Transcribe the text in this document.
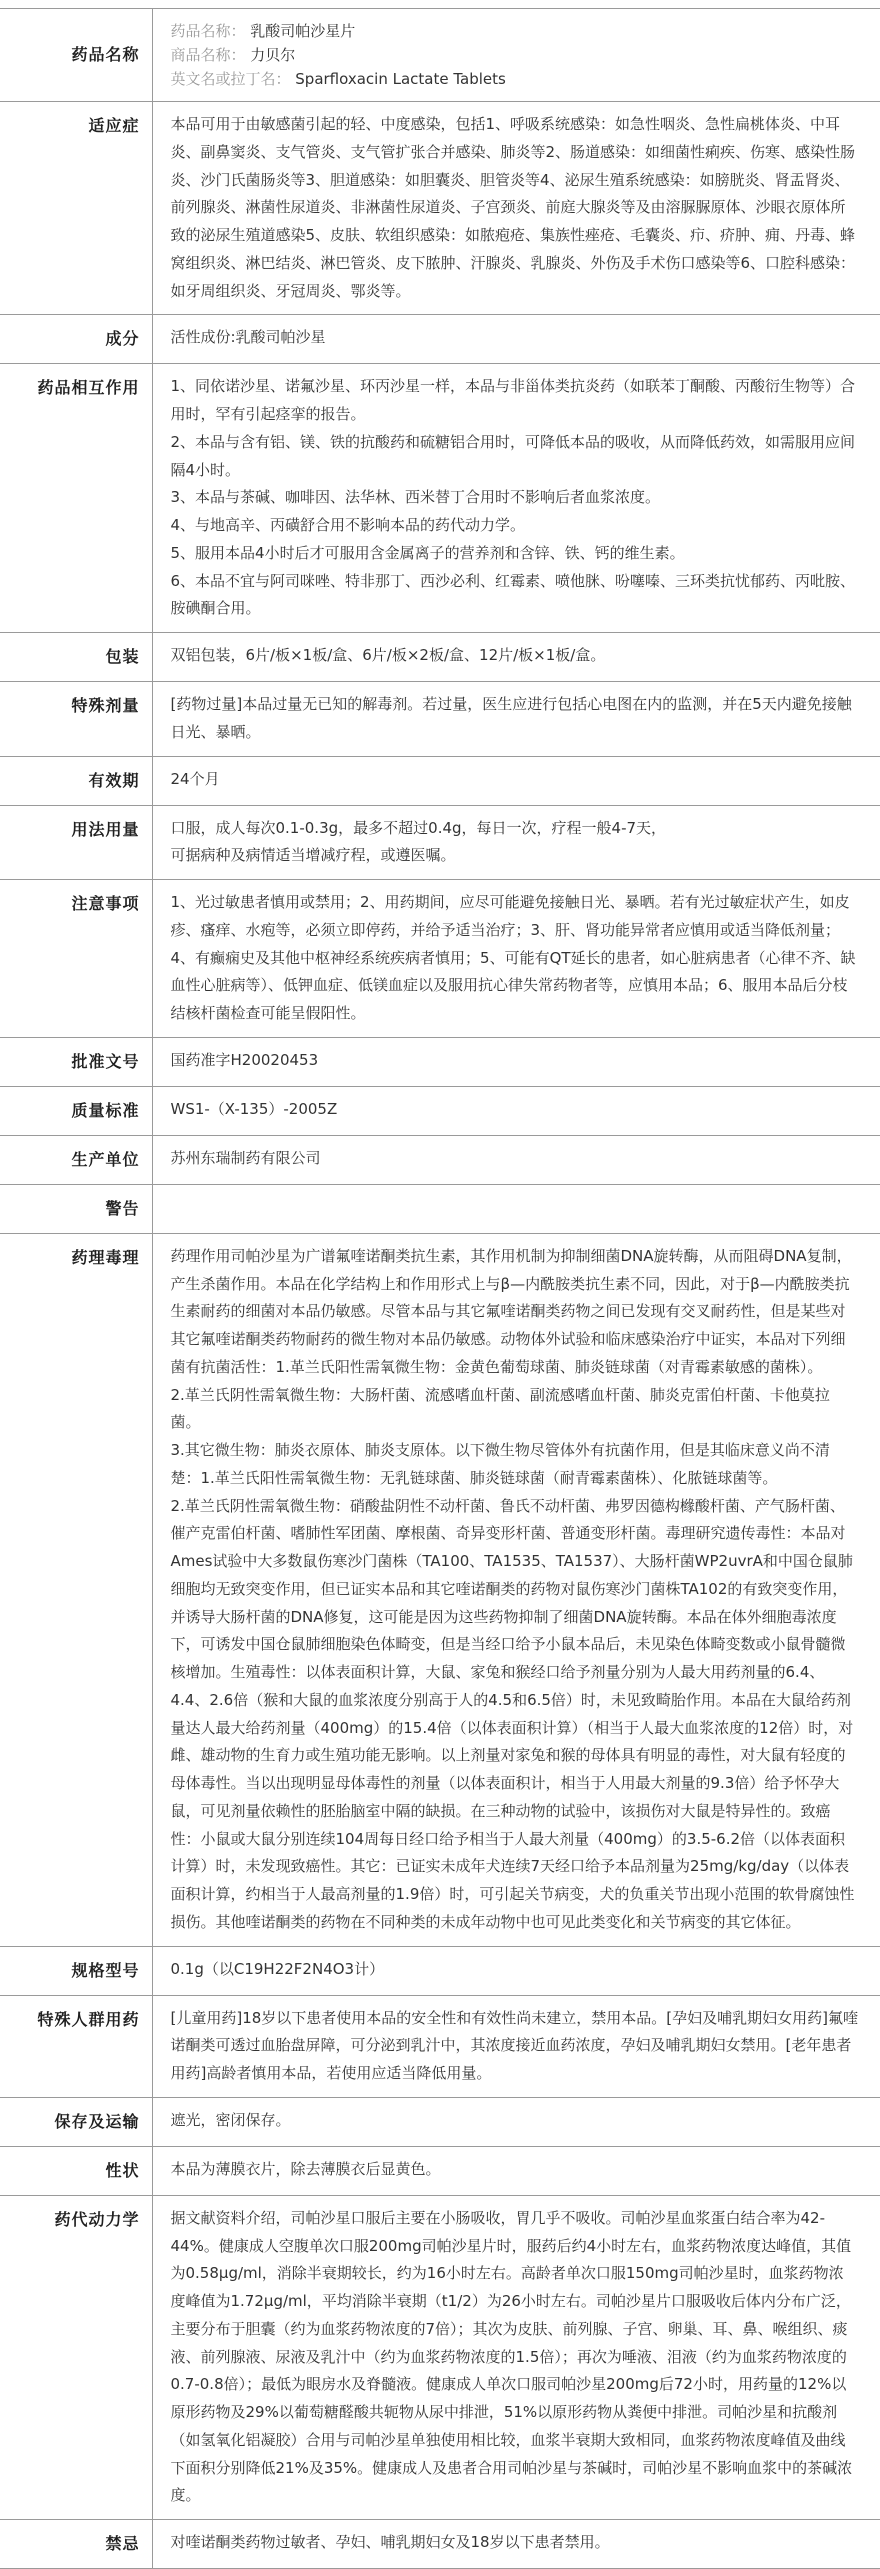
药品名称	药品名称： 乳酸司帕沙星片
商品名称： 力贝尔
英文名或拉丁名： Sparfloxacin Lactate Tablets

适应症	本品可用于由敏感菌引起的轻、中度感染，包括1、呼吸系统感染：如急性咽炎、急性扁桃体炎、中耳炎、副鼻窦炎、支气管炎、支气管扩张合并感染、肺炎等2、肠道感染：如细菌性痢疾、伤寒、感染性肠炎、沙门氏菌肠炎等3、胆道感染：如胆囊炎、胆管炎等4、泌尿生殖系统感染：如膀胱炎、肾盂肾炎、前列腺炎、淋菌性尿道炎、非淋菌性尿道炎、子宫颈炎、前庭大腺炎等及由溶脲脲原体、沙眼衣原体所致的泌尿生殖道感染5、皮肤、软组织感染：如脓疱疮、集族性痤疮、毛囊炎、疖、疥肿、痈、丹毒、蜂窝组织炎、淋巴结炎、淋巴管炎、皮下脓肿、汗腺炎、乳腺炎、外伤及手术伤口感染等6、口腔科感染：如牙周组织炎、牙冠周炎、鄂炎等。

成分	活性成份:乳酸司帕沙星

药品相互作用	1、同依诺沙星、诺氟沙星、环丙沙星一样，本品与非甾体类抗炎药（如联苯丁酮酸、丙酸衍生物等）合用时，罕有引起痉挛的报告。
2、本品与含有铝、镁、铁的抗酸药和硫糖铝合用时，可降低本品的吸收，从而降低药效，如需服用应间隔4小时。
3、本品与茶碱、咖啡因、法华林、西米替丁合用时不影响后者血浆浓度。
4、与地高辛、丙磺舒合用不影响本品的药代动力学。
5、服用本品4小时后才可服用含金属离子的营养剂和含锌、铁、钙的维生素。
6、本品不宜与阿司咪唑、特非那丁、西沙必利、红霉素、喷他脒、吩噻嗪、三环类抗忧郁药、丙吡胺、胺碘酮合用。

包装	双铝包装，6片/板×1板/盒、6片/板×2板/盒、12片/板×1板/盒。

特殊剂量	[药物过量]本品过量无已知的解毒剂。若过量，医生应进行包括心电图在内的监测，并在5天内避免接触日光、暴晒。

有效期	24个月

用法用量	口服，成人每次0.1-0.3g，最多不超过0.4g，每日一次，疗程一般4-7天，
可据病种及病情适当增减疗程，或遵医嘱。

注意事项	1、光过敏患者慎用或禁用；2、用药期间，应尽可能避免接触日光、暴晒。若有光过敏症状产生，如皮疹、瘙痒、水疱等，必须立即停药，并给予适当治疗；3、肝、肾功能异常者应慎用或适当降低剂量；4、有癫痫史及其他中枢神经系统疾病者慎用；5、可能有QT延长的患者，如心脏病患者（心律不齐、缺血性心脏病等）、低钾血症、低镁血症以及服用抗心律失常药物者等，应慎用本品；6、服用本品后分枝结核杆菌检查可能呈假阳性。

批准文号	国药准字H20020453

质量标准	WS1-（X-135）-2005Z

生产单位	苏州东瑞制药有限公司

警告	
药理毒理	药理作用司帕沙星为广谱氟喹诺酮类抗生素，其作用机制为抑制细菌DNA旋转酶，从而阻碍DNA复制，产生杀菌作用。本品在化学结构上和作用形式上与β—内酰胺类抗生素不同，因此，对于β—内酰胺类抗生素耐药的细菌对本品仍敏感。尽管本品与其它氟喹诺酮类药物之间已发现有交叉耐药性，但是某些对其它氟喹诺酮类药物耐药的微生物对本品仍敏感。动物体外试验和临床感染治疗中证实，本品对下列细菌有抗菌活性：1.革兰氏阳性需氧微生物：金黄色葡萄球菌、肺炎链球菌（对青霉素敏感的菌株）。
2.革兰氏阴性需氧微生物：大肠杆菌、流感嗜血杆菌、副流感嗜血杆菌、肺炎克雷伯杆菌、卡他莫拉菌。
3.其它微生物：肺炎衣原体、肺炎支原体。以下微生物尽管体外有抗菌作用，但是其临床意义尚不清楚：1.革兰氏阳性需氧微生物：无乳链球菌、肺炎链球菌（耐青霉素菌株）、化脓链球菌等。
2.革兰氏阴性需氧微生物：硝酸盐阴性不动杆菌、鲁氏不动杆菌、弗罗因德构橼酸杆菌、产气肠杆菌、催产克雷伯杆菌、嗜肺性军团菌、摩根菌、奇异变形杆菌、普通变形杆菌。毒理研究遗传毒性：本品对Ames试验中大多数鼠伤寒沙门菌株（TA100、TA1535、TA1537）、大肠杆菌WP2uvrA和中国仓鼠肺细胞均无致突变作用，但已证实本品和其它喹诺酮类的药物对鼠伤寒沙门菌株TA102的有致突变作用，并诱导大肠杆菌的DNA修复，这可能是因为这些药物抑制了细菌DNA旋转酶。本品在体外细胞毒浓度下，可诱发中国仓鼠肺细胞染色体畸变，但是当经口给予小鼠本品后，未见染色体畸变数或小鼠骨髓微核增加。生殖毒性：以体表面积计算，大鼠、家兔和猴经口给予剂量分别为人最大用药剂量的6.4、4.4、2.6倍（猴和大鼠的血浆浓度分别高于人的4.5和6.5倍）时，未见致畸胎作用。本品在大鼠给药剂量达人最大给药剂量（400mg）的15.4倍（以体表面积计算）（相当于人最大血浆浓度的12倍）时，对雌、雄动物的生育力或生殖功能无影响。以上剂量对家兔和猴的母体具有明显的毒性，对大鼠有轻度的母体毒性。当以出现明显母体毒性的剂量（以体表面积计，相当于人用最大剂量的9.3倍）给予怀孕大鼠，可见剂量依赖性的胚胎脑室中隔的缺损。在三种动物的试验中，该损伤对大鼠是特异性的。致癌性：小鼠或大鼠分别连续104周每日经口给予相当于人最大剂量（400mg）的3.5-6.2倍（以体表面积计算）时，未发现致癌性。其它：已证实未成年犬连续7天经口给予本品剂量为25mg/kg/day（以体表面积计算，约相当于人最高剂量的1.9倍）时，可引起关节病变，犬的负重关节出现小范围的软骨腐蚀性损伤。其他喹诺酮类的药物在不同种类的未成年动物中也可见此类变化和关节病变的其它体征。

规格型号	0.1g（以C19H22F2N4O3计）

特殊人群用药	[儿童用药]18岁以下患者使用本品的安全性和有效性尚未建立，禁用本品。[孕妇及哺乳期妇女用药]氟喹诺酮类可透过血胎盘屏障，可分泌到乳汁中，其浓度接近血药浓度，孕妇及哺乳期妇女禁用。[老年患者用药]高龄者慎用本品，若使用应适当降低用量。

保存及运输	遮光，密闭保存。

性状	本品为薄膜衣片，除去薄膜衣后显黄色。

药代动力学	据文献资料介绍，司帕沙星口服后主要在小肠吸收，胃几乎不吸收。司帕沙星血浆蛋白结合率为42-44%。健康成人空腹单次口服200mg司帕沙星片时，服药后约4小时左右，血浆药物浓度达峰值，其值为0.58μg/ml，消除半衰期较长，约为16小时左右。高龄者单次口服150mg司帕沙星时，血浆药物浓度峰值为1.72μg/ml，平均消除半衰期（t1/2）为26小时左右。司帕沙星片口服吸收后体内分布广泛，主要分布于胆囊（约为血浆药物浓度的7倍）；其次为皮肤、前列腺、子宫、卵巢、耳、鼻、喉组织、痰液、前列腺液、尿液及乳汁中（约为血浆药物浓度的1.5倍）；再次为唾液、泪液（约为血浆药物浓度的0.7-0.8倍）；最低为眼房水及脊髓液。健康成人单次口服司帕沙星200mg后72小时，用药量的12%以原形药物及29%以葡萄糖醛酸共轭物从尿中排泄，51%以原形药物从粪便中排泄。司帕沙星和抗酸剂（如氢氧化铝凝胶）合用与司帕沙星单独使用相比较，血浆半衰期大致相同，血浆药物浓度峰值及曲线下面积分别降低21%及35%。健康成人及患者合用司帕沙星与茶碱时，司帕沙星不影响血浆中的茶碱浓度。

禁忌	对喹诺酮类药物过敏者、孕妇、哺乳期妇女及18岁以下患者禁用。
